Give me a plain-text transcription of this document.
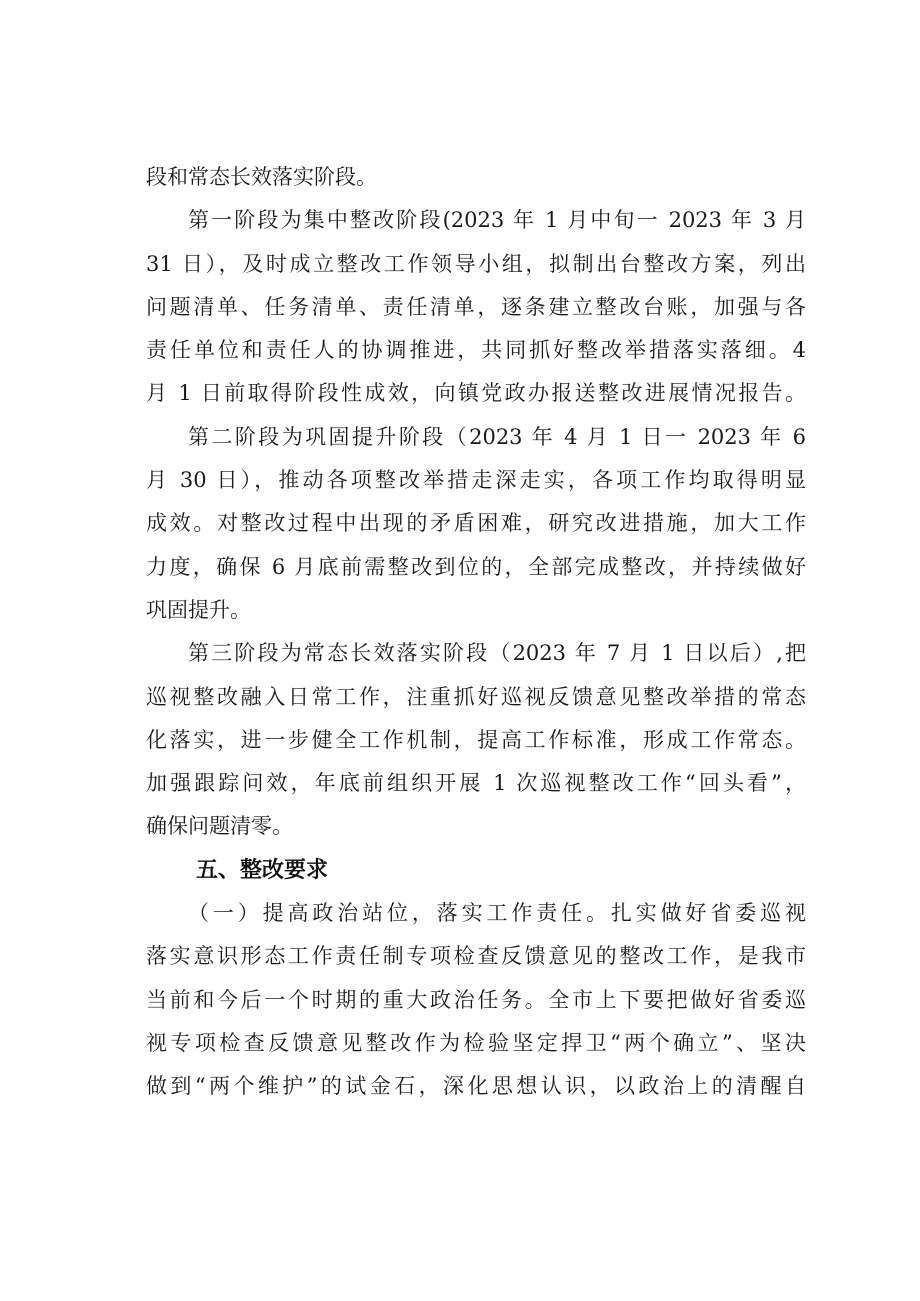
段和常态长效落实阶段。
第一阶段为集中整改阶段(2023 年 1 月中旬一 2023 年 3 月
31 日），及时成立整改工作领导小组，拟制出台整改方案，列出
问题清单、任务清单、责任清单，逐条建立整改台账，加强与各
责任单位和责任人的协调推进，共同抓好整改举措落实落细。4
月 1 日前取得阶段性成效，向镇党政办报送整改进展情况报告。
第二阶段为巩固提升阶段（2023 年 4 月 1 日一 2023 年 6
月 30 日），推动各项整改举措走深走实，各项工作均取得明显
成效。对整改过程中出现的矛盾困难，研究改进措施，加大工作
力度，确保 6 月底前需整改到位的，全部完成整改，并持续做好
巩固提升。
第三阶段为常态长效落实阶段（2023 年 7 月 1 日以后）,把
巡视整改融入日常工作，注重抓好巡视反馈意见整改举措的常态
化落实，进一步健全工作机制，提高工作标准，形成工作常态。
加强跟踪问效，年底前组织开展 1 次巡视整改工作“回头看”，
确保问题清零。
五、整改要求
（一）提高政治站位，落实工作责任。扎实做好省委巡视
落实意识形态工作责任制专项检查反馈意见的整改工作，是我市
当前和今后一个时期的重大政治任务。全市上下要把做好省委巡
视专项检查反馈意见整改作为检验坚定捍卫“两个确立”、坚决
做到“两个维护”的试金石，深化思想认识，以政治上的清醒自
